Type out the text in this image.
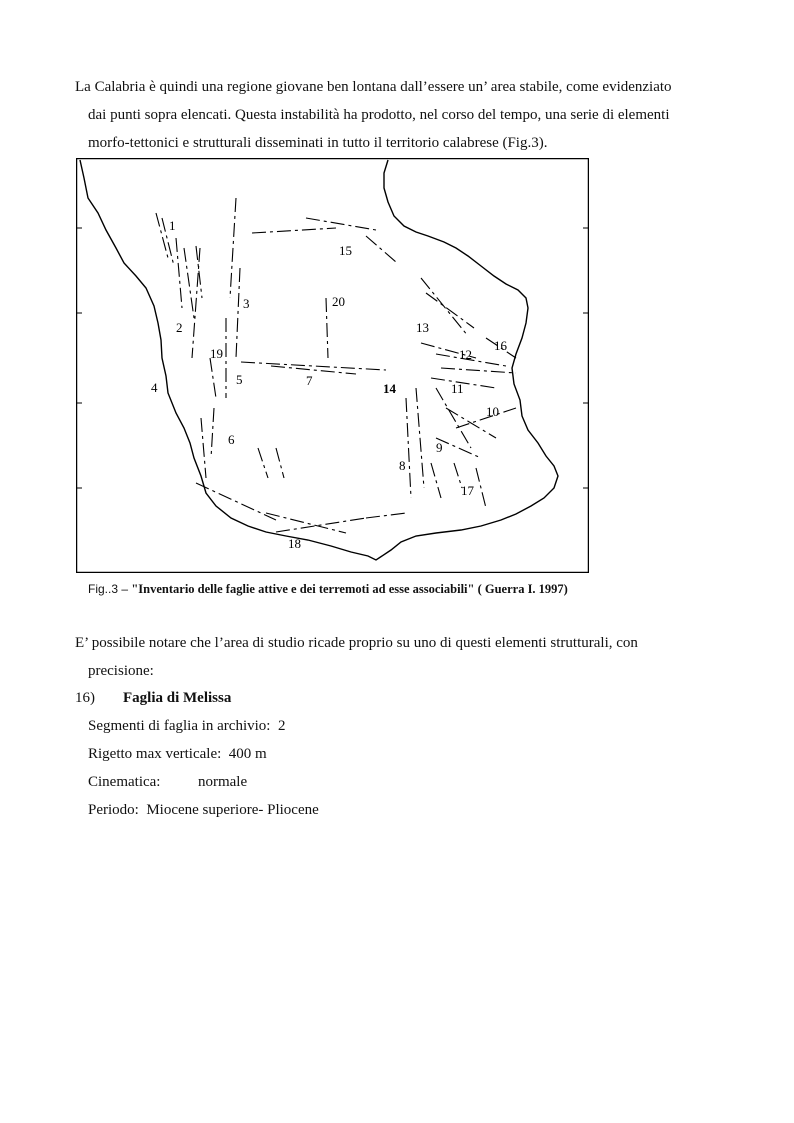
La Calabria è quindi una regione giovane ben lontana dall’essere un’ area stabile, come evidenziato
dai punti sopra elencati. Questa instabilità ha prodotto, nel corso del tempo, una serie di elementi
morfo-tettonici e strutturali disseminati in tutto il territorio calabrese (Fig.3).
1
2
3
4
5
6
7
8
9
10
11
12
13
14
15
16
17
18
19
20
Fig..3 – "Inventario delle faglie attive e dei terremoti ad esse associabili" ( Guerra I. 1997)
E’ possibile notare che l’area di studio ricade proprio su uno di questi elementi strutturali, con
precisione:
16) Faglia di Melissa
Segmenti di faglia in archivio:  2
Rigetto max verticale:  400 m
Cinematica:          normale
Periodo:  Miocene superiore- Pliocene
